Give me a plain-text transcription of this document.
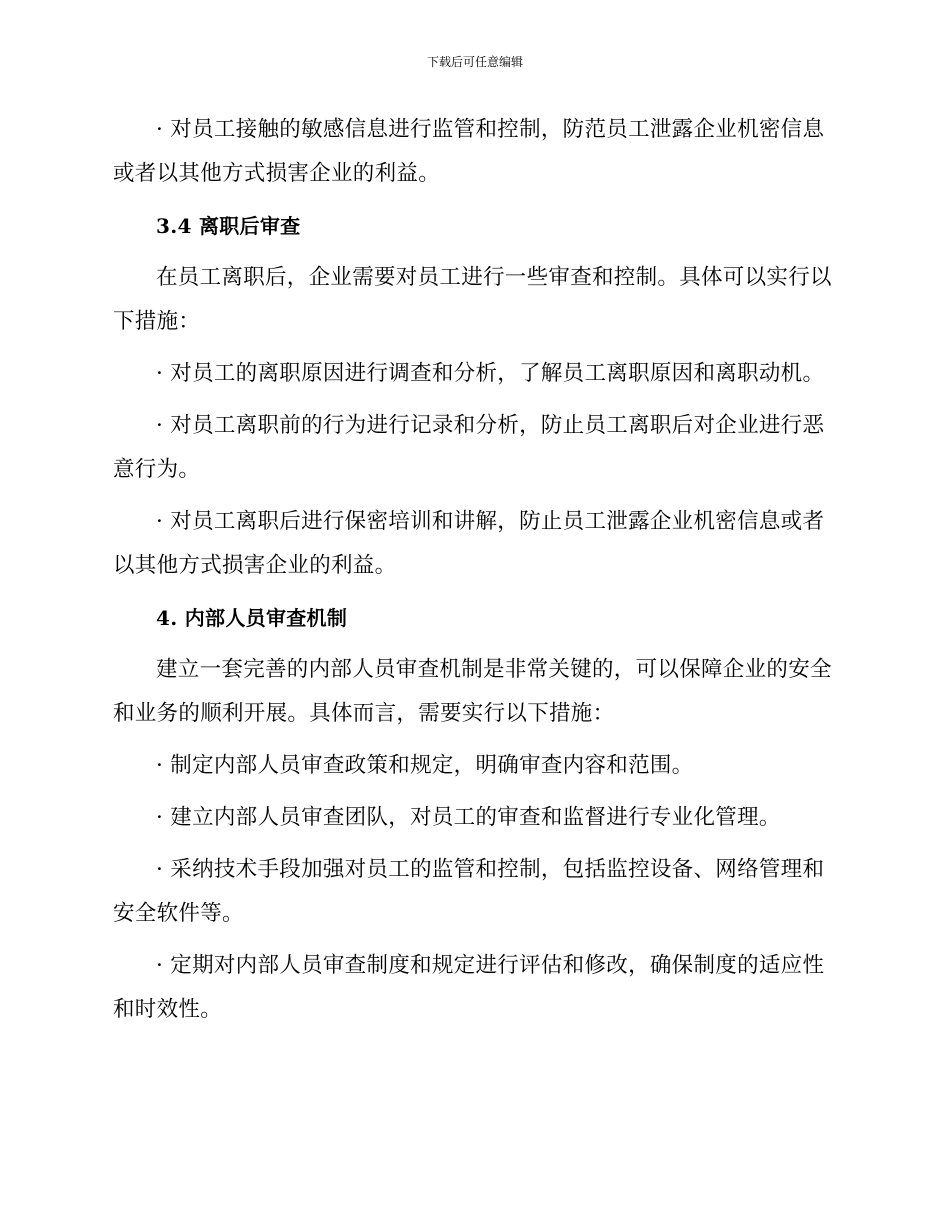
下载后可任意编辑

· 对员工接触的敏感信息进行监管和控制，防范员工泄露企业机密信息或者以其他方式损害企业的利益。

3.4 离职后审查

在员工离职后，企业需要对员工进行一些审查和控制。具体可以实行以下措施：

· 对员工的离职原因进行调查和分析，了解员工离职原因和离职动机。

· 对员工离职前的行为进行记录和分析，防止员工离职后对企业进行恶意行为。

· 对员工离职后进行保密培训和讲解，防止员工泄露企业机密信息或者以其他方式损害企业的利益。

4. 内部人员审查机制

建立一套完善的内部人员审查机制是非常关键的，可以保障企业的安全和业务的顺利开展。具体而言，需要实行以下措施：

· 制定内部人员审查政策和规定，明确审查内容和范围。

· 建立内部人员审查团队，对员工的审查和监督进行专业化管理。

· 采纳技术手段加强对员工的监管和控制，包括监控设备、网络管理和安全软件等。

· 定期对内部人员审查制度和规定进行评估和修改，确保制度的适应性和时效性。
